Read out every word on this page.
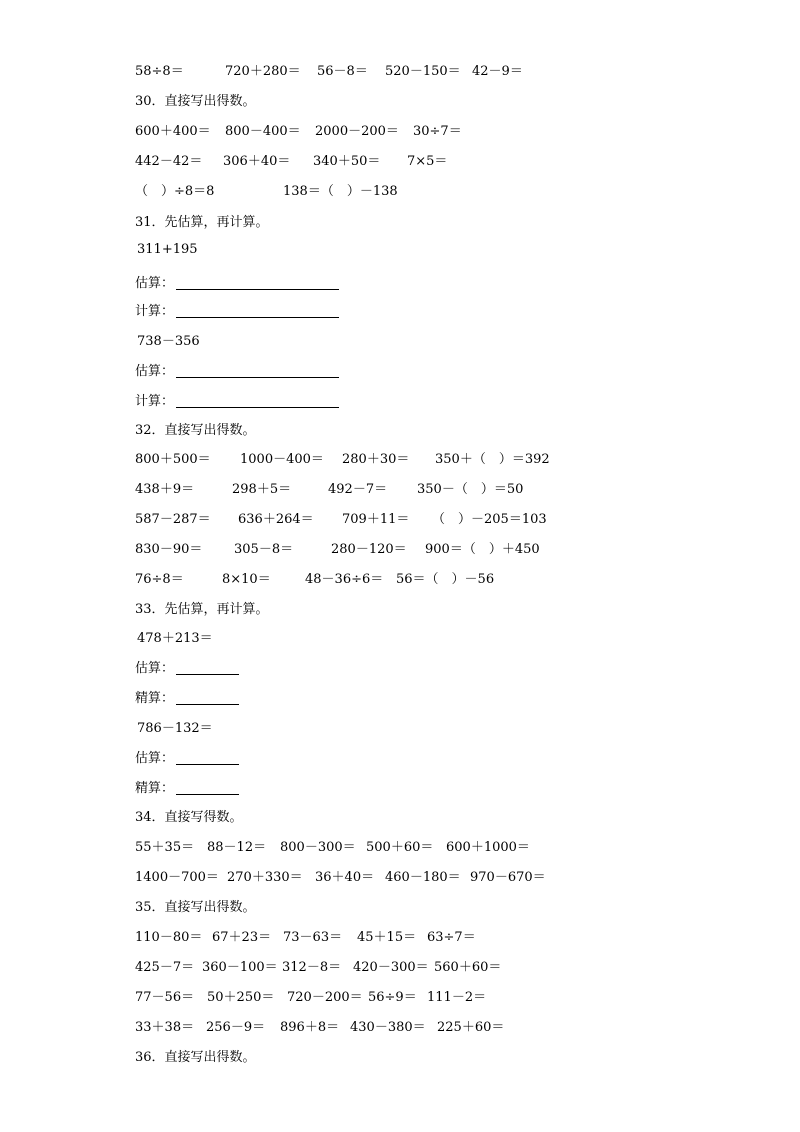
58÷8＝	720＋280＝ 56－8＝ 520－150＝ 42－9＝
30．直接写出得数。
600＋400＝ 800－400＝ 2000－200＝ 30÷7＝
442－42＝ 306＋40＝ 340＋50＝ 7×5＝
（　）÷8＝8	138＝（　）－138
31．先估算，再计算。
311+195
估算：
计算：
738－356
估算：
计算：
32．直接写出得数。
800＋500＝ 1000－400＝ 280＋30＝ 350＋（　）＝392
438＋9＝	298＋5＝	492－7＝ 350－（　）＝50
587－287＝ 636＋264＝ 709＋11＝ （　）－205＝103
830－90＝ 305－8＝	280－120＝ 900＝（　）＋450
76÷8＝	8×10＝	48－36÷6＝ 56＝（　）－56
33．先估算，再计算。
478＋213＝
估算：
精算：
786－132＝
估算：
精算：
34．直接写得数。
55＋35＝ 88－12＝ 800－300＝ 500＋60＝ 600＋1000＝
1400－700＝ 270＋330＝ 36＋40＝ 460－180＝ 970－670＝
35．直接写出得数。
110－80＝ 67＋23＝ 73－63＝ 45＋15＝ 63÷7＝
425－7＝ 360－100＝ 312－8＝ 420－300＝ 560＋60＝
77－56＝ 50＋250＝ 720－200＝ 56÷9＝ 111－2＝
33＋38＝ 256－9＝ 896＋8＝ 430－380＝ 225＋60＝
36．直接写出得数。
